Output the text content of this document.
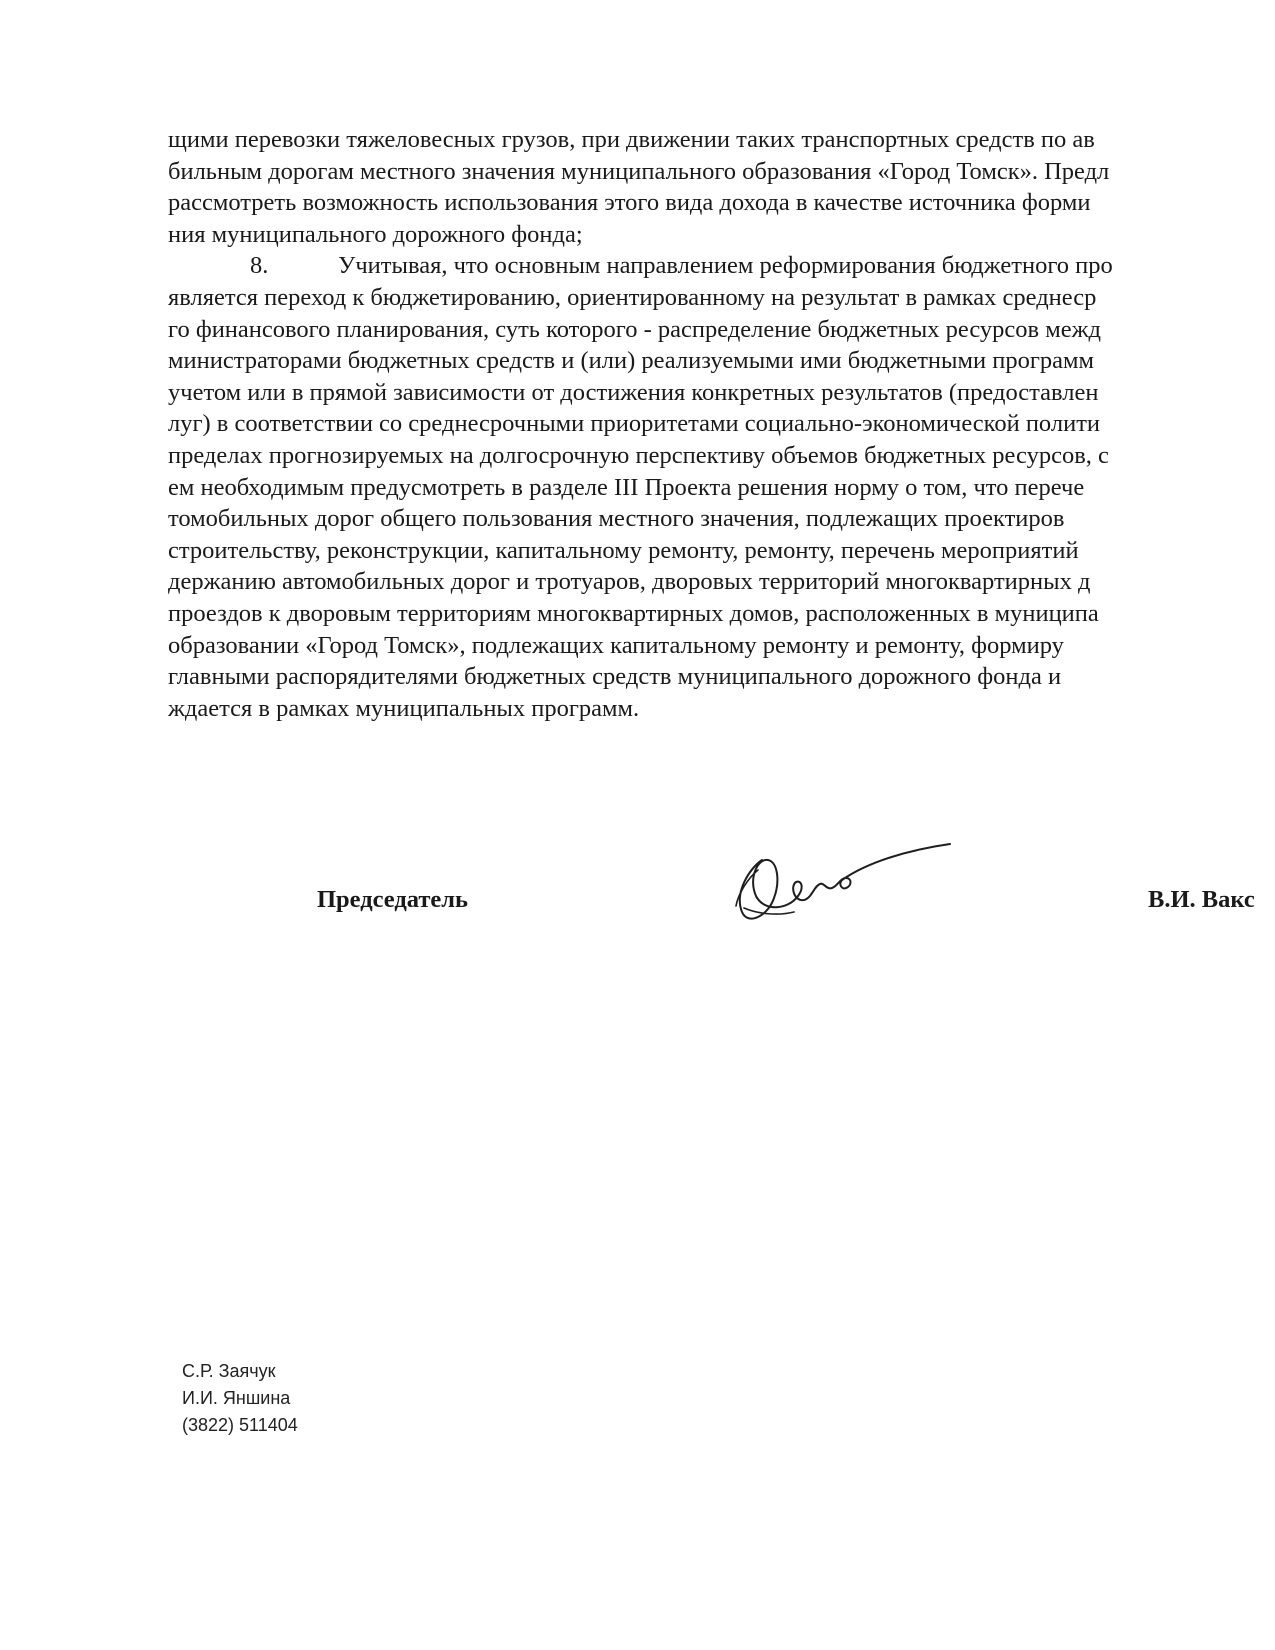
щими перевозки тяжеловесных грузов, при движении таких транспортных средств по ав
бильным дорогам местного значения муниципального образования «Город Томск». Предл
рассмотреть возможность использования этого вида дохода в качестве источника форми
ния муниципального дорожного фонда;
8.	Учитывая, что основным направлением реформирования бюджетного про
является переход к бюджетированию, ориентированному на результат в рамках среднеср
го финансового планирования, суть которого - распределение бюджетных ресурсов межд
министраторами бюджетных средств и (или) реализуемыми ими бюджетными программ
учетом или в прямой зависимости от достижения конкретных результатов (предоставлен
луг) в соответствии со среднесрочными приоритетами социально-экономической полити
пределах прогнозируемых на долгосрочную перспективу объемов бюджетных ресурсов, с
ем необходимым предусмотреть в разделе III Проекта решения норму о том, что перече
томобильных дорог общего пользования местного значения, подлежащих проектиров
строительству, реконструкции, капитальному ремонту, ремонту, перечень мероприятий
держанию автомобильных дорог и тротуаров, дворовых территорий многоквартирных д
проездов к дворовым территориям многоквартирных домов, расположенных в муниципа
образовании «Город Томск», подлежащих капитальному ремонту и ремонту, формиру
главными распорядителями бюджетных средств муниципального дорожного фонда и
ждается в рамках муниципальных программ.
Председатель	В.И. Вакс
С.Р. Заячук
И.И. Яншина
(3822) 511404
